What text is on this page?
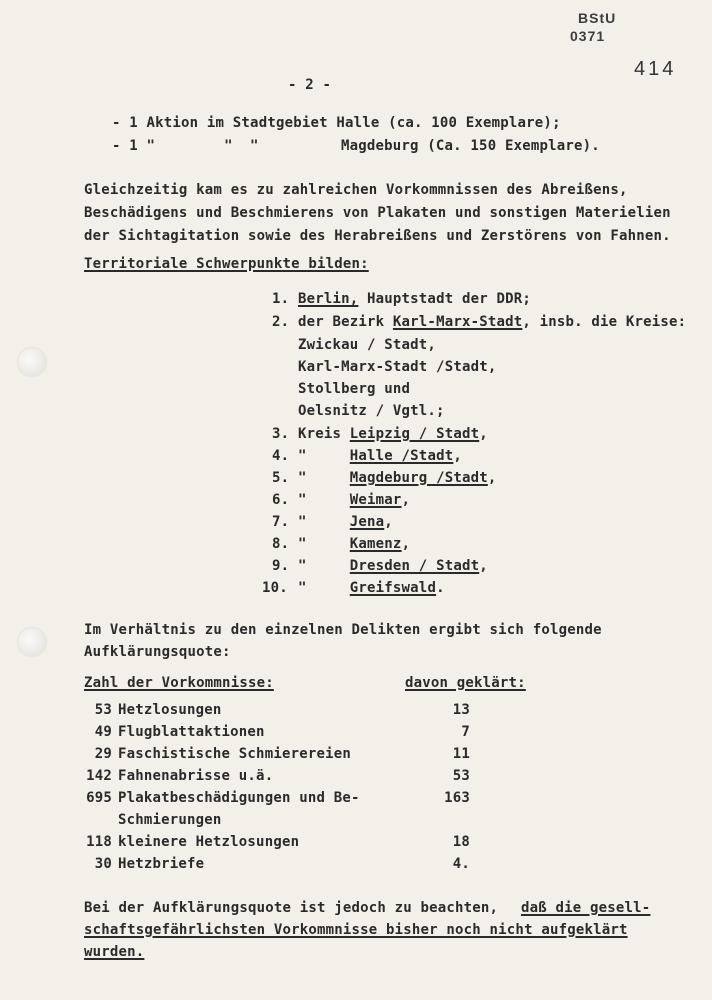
BStU
0371
414
- 2 -
- 1 Aktion im Stadtgebiet Halle (ca. 100 Exemplare);
- 1 "        "  "	Magdeburg (Ca. 150 Exemplare).
Gleichzeitig kam es zu zahlreichen Vorkommnissen des Abreißens,
Beschädigens und Beschmierens von Plakaten und sonstigen Materielien
der Sichtagitation sowie des Herabreißens und Zerstörens von Fahnen.
Territoriale Schwerpunkte bilden:
1. Berlin, Hauptstadt der DDR;
2. der Bezirk Karl-Marx-Stadt, insb. die Kreise:
Zwickau / Stadt,
Karl-Marx-Stadt /Stadt,
Stollberg und
Oelsnitz / Vgtl.;
3. Kreis Leipzig / Stadt,
4. "     Halle /Stadt,
5. "     Magdeburg /Stadt,
6. "     Weimar,
7. "     Jena,
8. "     Kamenz,
9. "     Dresden / Stadt,
10. "     Greifswald.
Im Verhältnis zu den einzelnen Delikten ergibt sich folgende
Aufklärungsquote:
Zahl der Vorkommnisse:	davon geklärt:
53 Hetzlosungen	13
49 Flugblattaktionen	7
29 Faschistische Schmierereien	11
142 Fahnenabrisse u.ä.	53
695 Plakatbeschädigungen und Be-	163
Schmierungen
118 kleinere Hetzlosungen	18
30 Hetzbriefe	4.
Bei der Aufklärungsquote ist jedoch zu beachten, daß die gesell-
schaftsgefährlichsten Vorkommnisse bisher noch nicht aufgeklärt
wurden.
